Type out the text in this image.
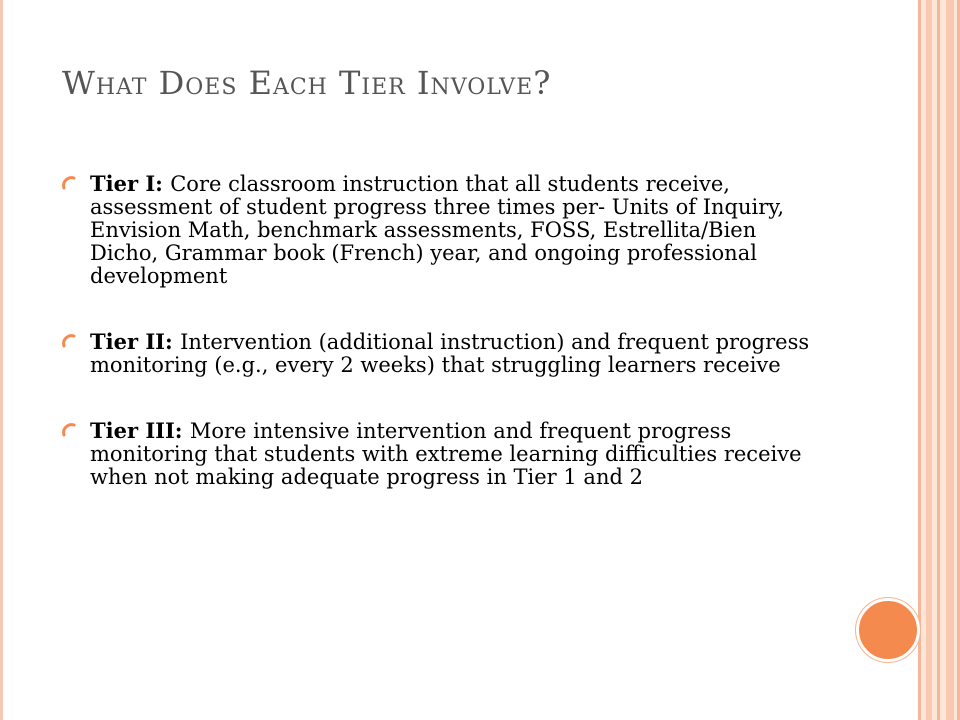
What Does Each Tier Involve?
Tier I: Core classroom instruction that all students receive, assessment of student progress three times per- Units of Inquiry, Envision Math, benchmark assessments, FOSS, Estrellita/Bien Dicho, Grammar book (French) year, and ongoing professional development
Tier II: Intervention (additional instruction) and frequent progress monitoring (e.g., every 2 weeks) that struggling learners receive
Tier III: More intensive intervention and frequent progress monitoring that students with extreme learning difficulties receive when not making adequate progress in Tier 1 and 2
